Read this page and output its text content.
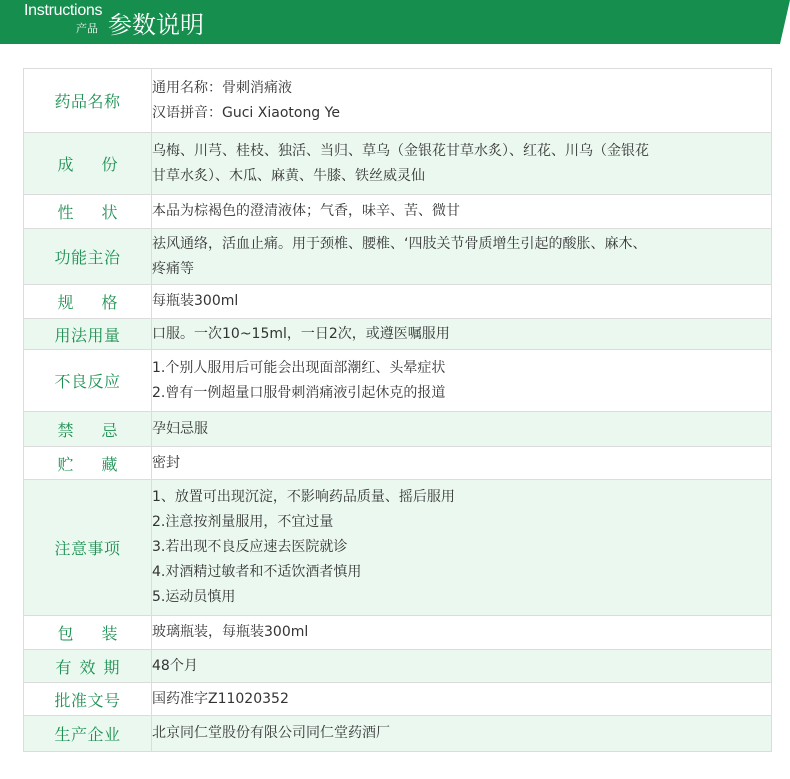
Instructions
产品 参数说明
药品名称	通用名称：骨刺消痛液
汉语拼音：Guci Xiaotong Ye

成份	乌梅、川芎、桂枝、独活、当归、草乌（金银花甘草水炙）、红花、川乌（金银花
甘草水炙）、木瓜、麻黄、牛膝、铁丝威灵仙

性状	本品为棕褐色的澄清液体；气香，味辛、苦、微甘

功能主治	祛风通络，活血止痛。用于颈椎、腰椎、‘四肢关节骨质增生引起的酸胀、麻木、
疼痛等

规格	每瓶装300ml

用法用量	口服。一次10~15ml，一日2次，或遵医嘱服用

不良反应	1.个别人服用后可能会出现面部潮红、头晕症状
2.曾有一例超量口服骨刺消痛液引起休克的报道

禁忌	孕妇忌服

贮藏	密封

注意事项	1、放置可出现沉淀，不影响药品质量、摇后服用
2.注意按剂量服用，不宜过量
3.若出现不良反应速去医院就诊
4.对酒精过敏者和不适饮酒者慎用
5.运动员慎用

包装	玻璃瓶装，每瓶装300ml

有效期	48个月

批准文号	国药准字Z11020352

生产企业	北京同仁堂股份有限公司同仁堂药酒厂
